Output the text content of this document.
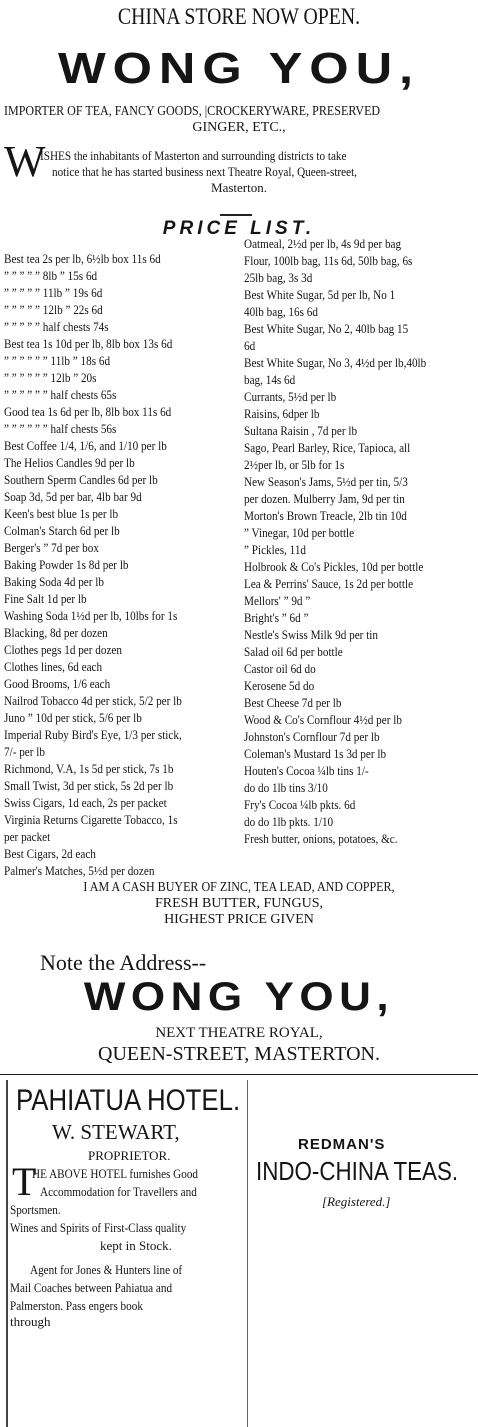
CHINA STORE NOW OPEN.
WONG YOU,
IMPORTER OF TEA, FANCY GOODS, |CROCKERYWARE, PRESERVED
GINGER, ETC.,
W
ISHES the inhabitants of Masterton and surrounding districts to take
notice that he has started business next Theatre Royal, Queen-street,
Masterton.
PRICE LIST.
Best tea 2s per lb, 6½lb box 11s 6d
” ” ” ” ” 8lb ” 15s 6d
” ” ” ” ” 11lb ” 19s 6d
” ” ” ” ” 12lb ” 22s 6d
” ” ” ” ” half chests 74s
Best tea 1s 10d per lb, 8lb box 13s 6d
” ” ” ” ” ” 11lb ” 18s 6d
” ” ” ” ” ” 12lb ” 20s
” ” ” ” ” ” half chests 65s
Good tea 1s 6d per lb, 8lb box 11s 6d
” ” ” ” ” ” half chests 56s
Best Coffee 1/4, 1/6, and 1/10 per lb
The Helios Candles 9d per lb
Southern Sperm Candles 6d per lb
Soap 3d, 5d per bar, 4lb bar 9d
Keen's best blue 1s per lb
Colman's Starch 6d per lb
Berger's ” 7d per box
Baking Powder 1s 8d per lb
Baking Soda 4d per lb
Fine Salt 1d per lb
Washing Soda 1½d per lb, 10lbs for 1s
Blacking, 8d per dozen
Clothes pegs 1d per dozen
Clothes lines, 6d each
Good Brooms, 1/6 each
Nailrod Tobacco 4d per stick, 5/2 per lb
Juno ” 10d per stick, 5/6 per lb
Imperial Ruby Bird's Eye, 1/3 per stick,
7/- per lb
Richmond, V.A, 1s 5d per stick, 7s 1b
Small Twist, 3d per stick, 5s 2d per lb
Swiss Cigars, 1d each, 2s per packet
Virginia Returns Cigarette Tobacco, 1s
per packet
Best Cigars, 2d each
Palmer's Matches, 5½d per dozen
Oatmeal, 2½d per lb, 4s 9d per bag
Flour, 100lb bag, 11s 6d, 50lb bag, 6s
25lb bag, 3s 3d
Best White Sugar, 5d per lb, No 1
40lb bag, 16s 6d
Best White Sugar, No 2, 40lb bag 15
6d
Best White Sugar, No 3, 4½d per lb,40lb
bag, 14s 6d
Currants, 5½d per lb
Raisins, 6dper lb
Sultana Raisin , 7d per lb
Sago, Pearl Barley, Rice, Tapioca, all
2½per lb, or 5lb for 1s
New Season's Jams, 5½d per tin, 5/3
per dozen. Mulberry Jam, 9d per tin
Morton's Brown Treacle, 2lb tin 10d
” Vinegar, 10d per bottle
” Pickles, 11d
Holbrook & Co's Pickles, 10d per bottle
Lea & Perrins' Sauce, 1s 2d per bottle
Mellors' ” 9d ”
Bright's ” 6d ”
Nestle's Swiss Milk 9d per tin
Salad oil 6d per bottle
Castor oil 6d do
Kerosene 5d do
Best Cheese 7d per lb
Wood & Co's Cornflour 4½d per lb
Johnston's Cornflour 7d per lb
Coleman's Mustard 1s 3d per lb
Houten's Cocoa ¼lb tins 1/-
do do 1lb tins 3/10
Fry's Cocoa ¼lb pkts. 6d
do do 1lb pkts. 1/10
Fresh butter, onions, potatoes, &c.
I AM A CASH BUYER OF ZINC, TEA LEAD, AND COPPER,
FRESH BUTTER, FUNGUS,
HIGHEST PRICE GIVEN
Note the Address--
WONG YOU,
NEXT THEATRE ROYAL,
QUEEN-STREET, MASTERTON.
PAHIATUA HOTEL.
W. STEWART,
PROPRIETOR.
T
HE ABOVE HOTEL furnishes Good
Accommodation for Travellers and
Sportsmen.
Wines and Spirits of First-Class quality
kept in Stock.
Agent for Jones & Hunters line of
Mail Coaches between Pahiatua and
Palmerston. Pass engers book
through
REDMAN'S
INDO-CHINA TEAS.
[Registered.]
